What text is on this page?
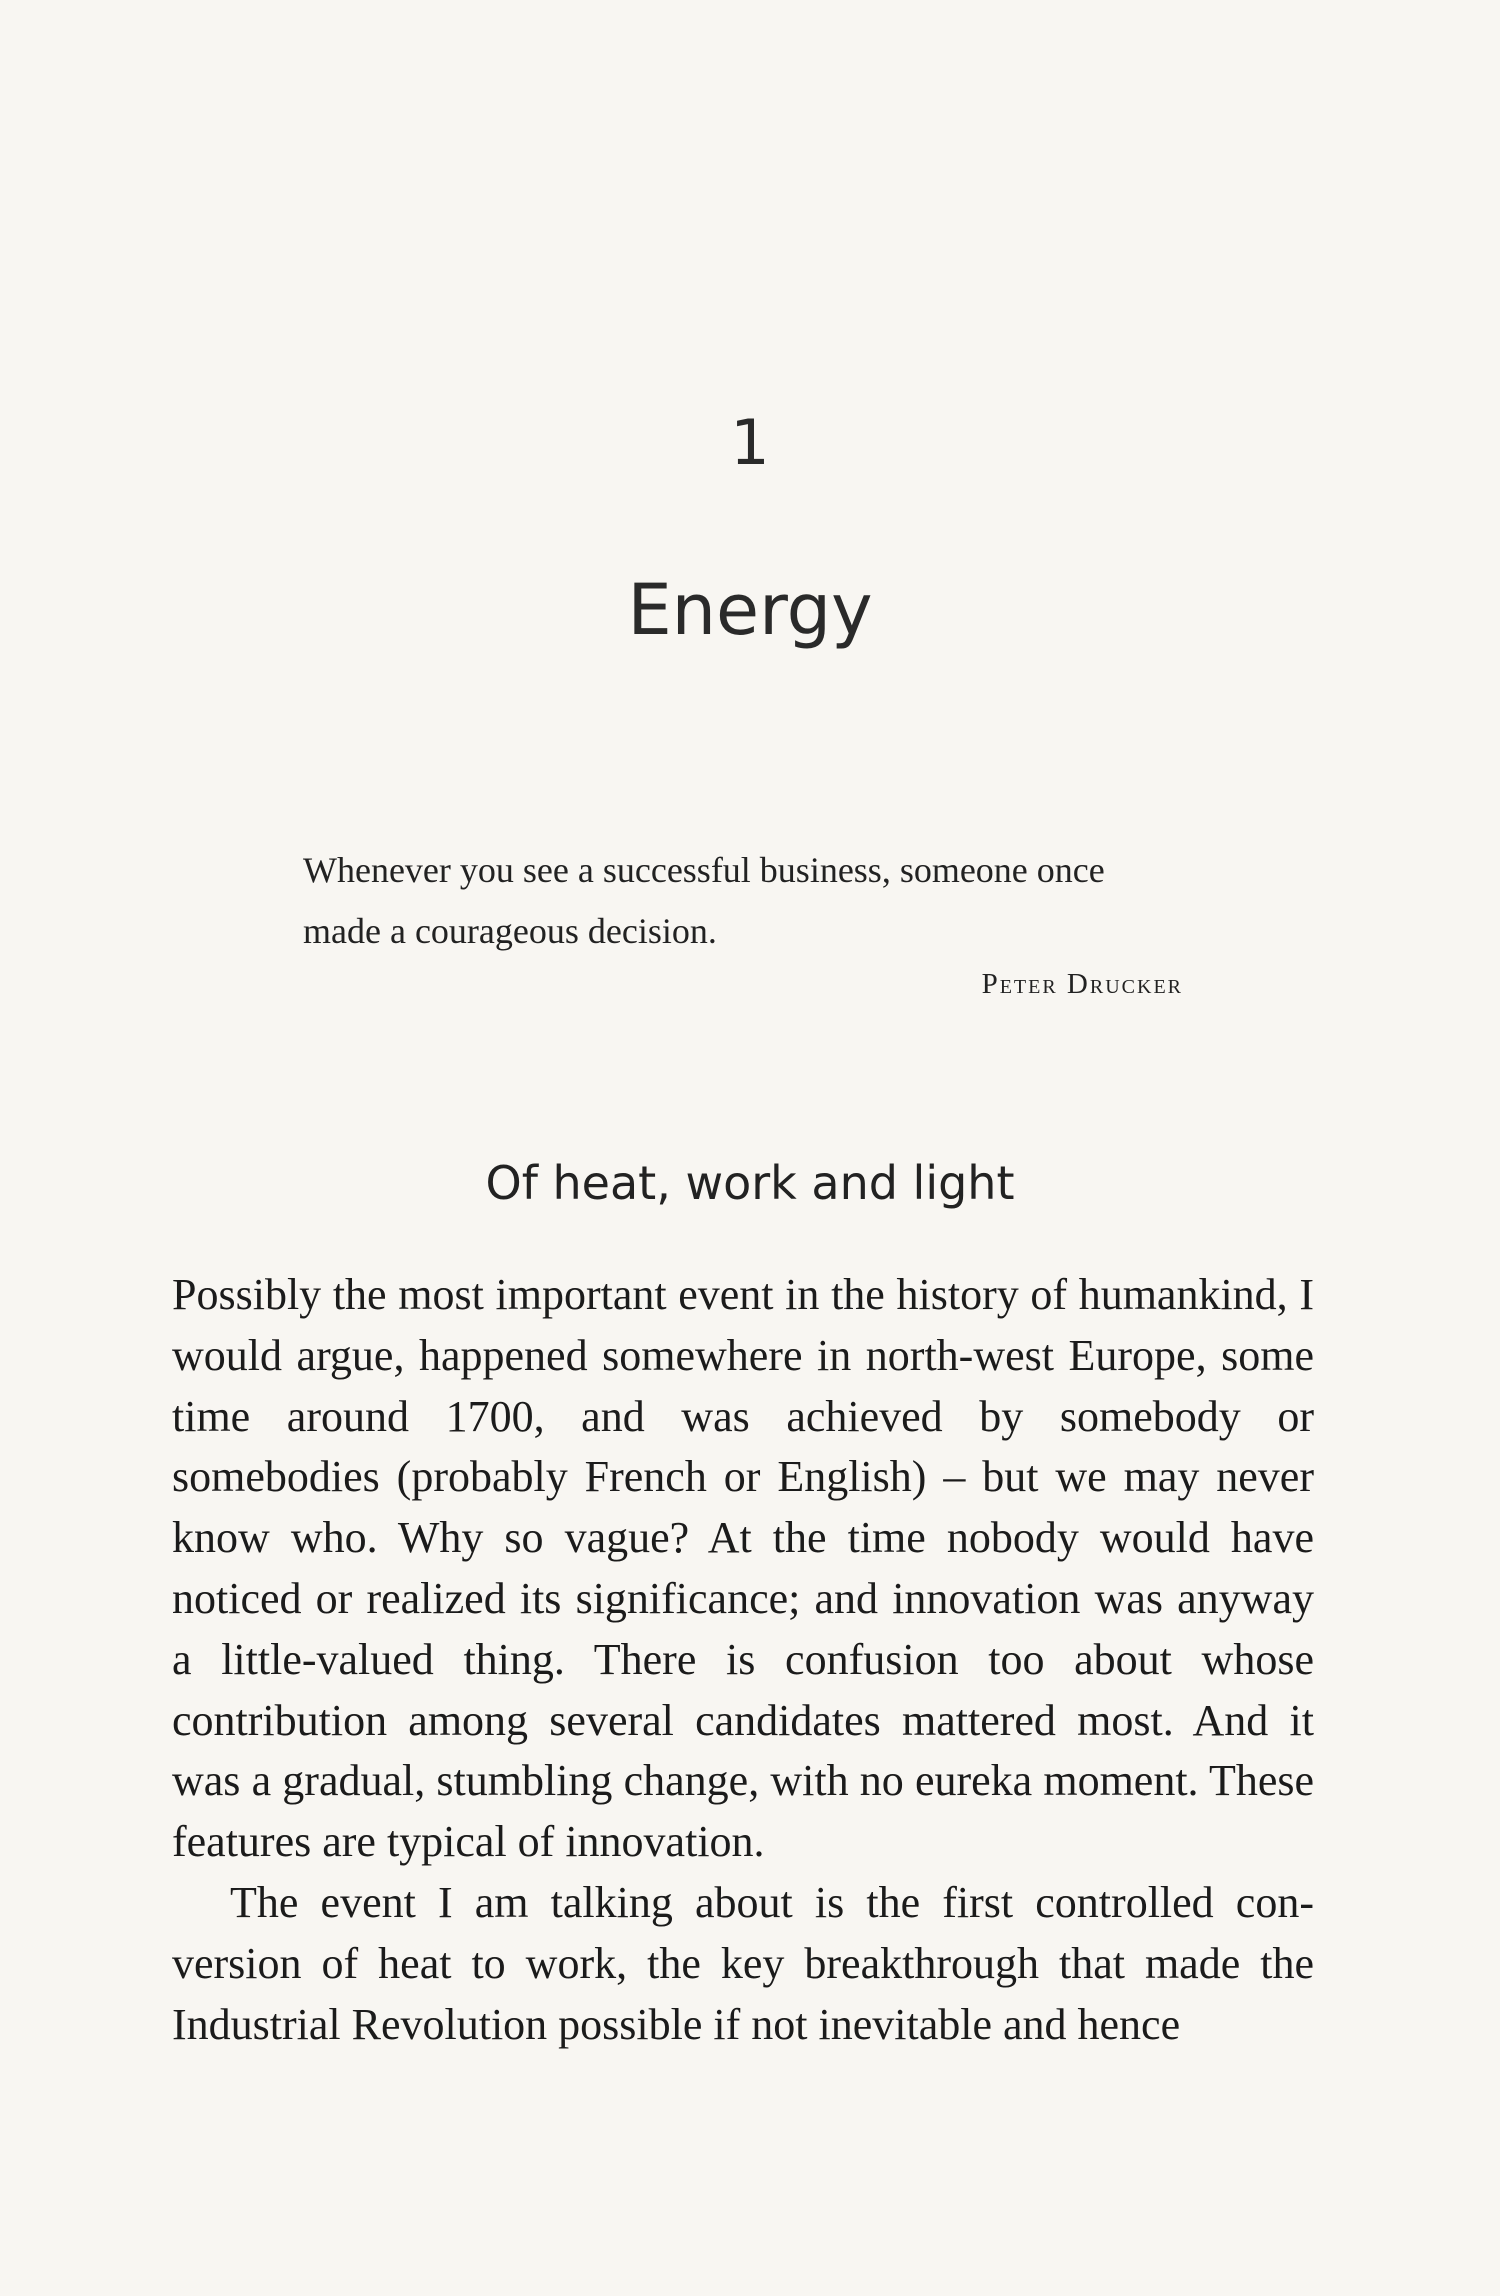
1
Energy
Whenever you see a successful business, someone once made a courageous decision.
Peter Drucker
Of heat, work and light

Possibly the most important event in the history of humankind, I would argue, happened somewhere in north-west Europe, some time around 1700, and was achieved by somebody or somebodies (probably French or English) – but we may never know who. Why so vague? At the time nobody would have noticed or realized its significance; and innovation was anyway a little-valued thing. There is confusion too about whose contribution among several candidates mattered most. And it was a gradual, stumbling change, with no eureka moment. These features are typical of innovation.

The event I am talking about is the first controlled conversion of heat to work, the key breakthrough that made the Industrial Revolution possible if not inevitable and hence
